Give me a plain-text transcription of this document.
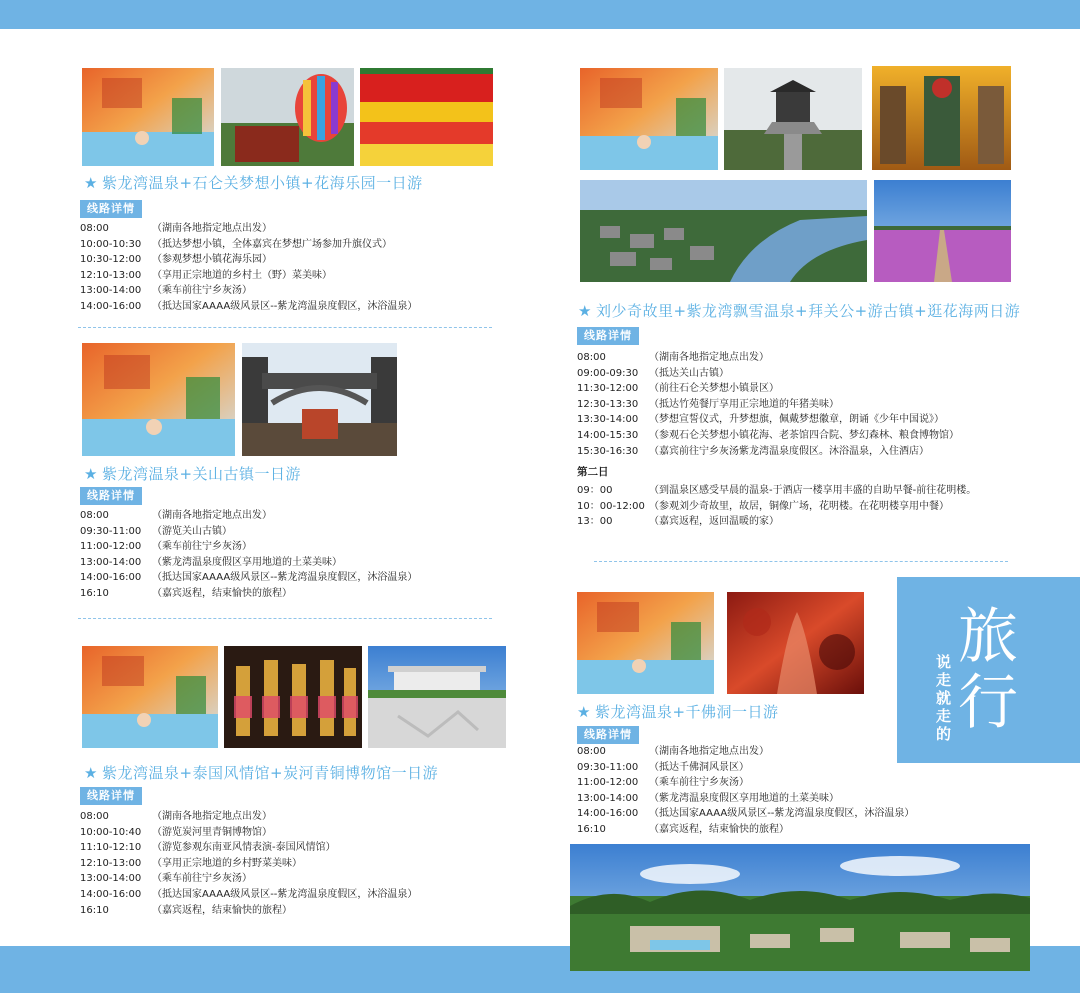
★ 紫龙湾温泉+石仑关梦想小镇+花海乐园一日游
线路详情
08:00	（湖南各地指定地点出发）
10:00-10:30	（抵达梦想小镇，全体嘉宾在梦想广场参加升旗仪式）
10:30-12:00	（参观梦想小镇花海乐园）
12:10-13:00	（享用正宗地道的乡村土（野）菜美味）
13:00-14:00	（乘车前往宁乡灰汤）
14:00-16:00	（抵达国家AAAA级风景区--紫龙湾温泉度假区，沐浴温泉）
★ 紫龙湾温泉+关山古镇一日游
线路详情
08:00	（湖南各地指定地点出发）
09:30-11:00	（游览关山古镇）
11:00-12:00	（乘车前往宁乡灰汤）
13:00-14:00	（紫龙湾温泉度假区享用地道的土菜美味）
14:00-16:00	（抵达国家AAAA级风景区--紫龙湾温泉度假区，沐浴温泉）
16:10	（嘉宾返程，结束愉快的旅程）
★ 紫龙湾温泉+泰国风情馆+炭河青铜博物馆一日游
线路详情
08:00	（湖南各地指定地点出发）
10:00-10:40	（游览炭河里青铜博物馆）
11:10-12:10	（游览参观东南亚风情表演-泰国风情馆）
12:10-13:00	（享用正宗地道的乡村野菜美味）
13:00-14:00	（乘车前往宁乡灰汤）
14:00-16:00	（抵达国家AAAA级风景区--紫龙湾温泉度假区，沐浴温泉）
16:10	（嘉宾返程，结束愉快的旅程）
★ 刘少奇故里+紫龙湾飘雪温泉+拜关公+游古镇+逛花海两日游
线路详情
08:00	（湖南各地指定地点出发）
09:00-09:30	（抵达关山古镇）
11:30-12:00	（前往石仑关梦想小镇景区）
12:30-13:30	（抵达竹苑餐厅享用正宗地道的年猪美味）
13:30-14:00	（梦想宣誓仪式，升梦想旗，佩戴梦想徽章，朗诵《少年中国说》）
14:00-15:30	（参观石仑关梦想小镇花海、老茶馆四合院、梦幻森林、粮食博物馆）
15:30-16:30	（嘉宾前往宁乡灰汤紫龙湾温泉度假区。沐浴温泉，入住酒店）
第二日
09：00	（到温泉区感受早晨的温泉-于酒店一楼享用丰盛的自助早餐-前往花明楼。
10：00-12:00 （参观刘少奇故里，故居，铜像广场，花明楼。在花明楼享用中餐）
13：00	（嘉宾返程，返回温暖的家）
★ 紫龙湾温泉+千佛洞一日游
线路详情
08:00	（湖南各地指定地点出发）
09:30-11:00	（抵达千佛洞风景区）
11:00-12:00	（乘车前往宁乡灰汤）
13:00-14:00	（紫龙湾温泉度假区享用地道的土菜美味）
14:00-16:00	（抵达国家AAAA级风景区--紫龙湾温泉度假区，沐浴温泉）
16:10	（嘉宾返程，结束愉快的旅程）
说走就走的
旅行
